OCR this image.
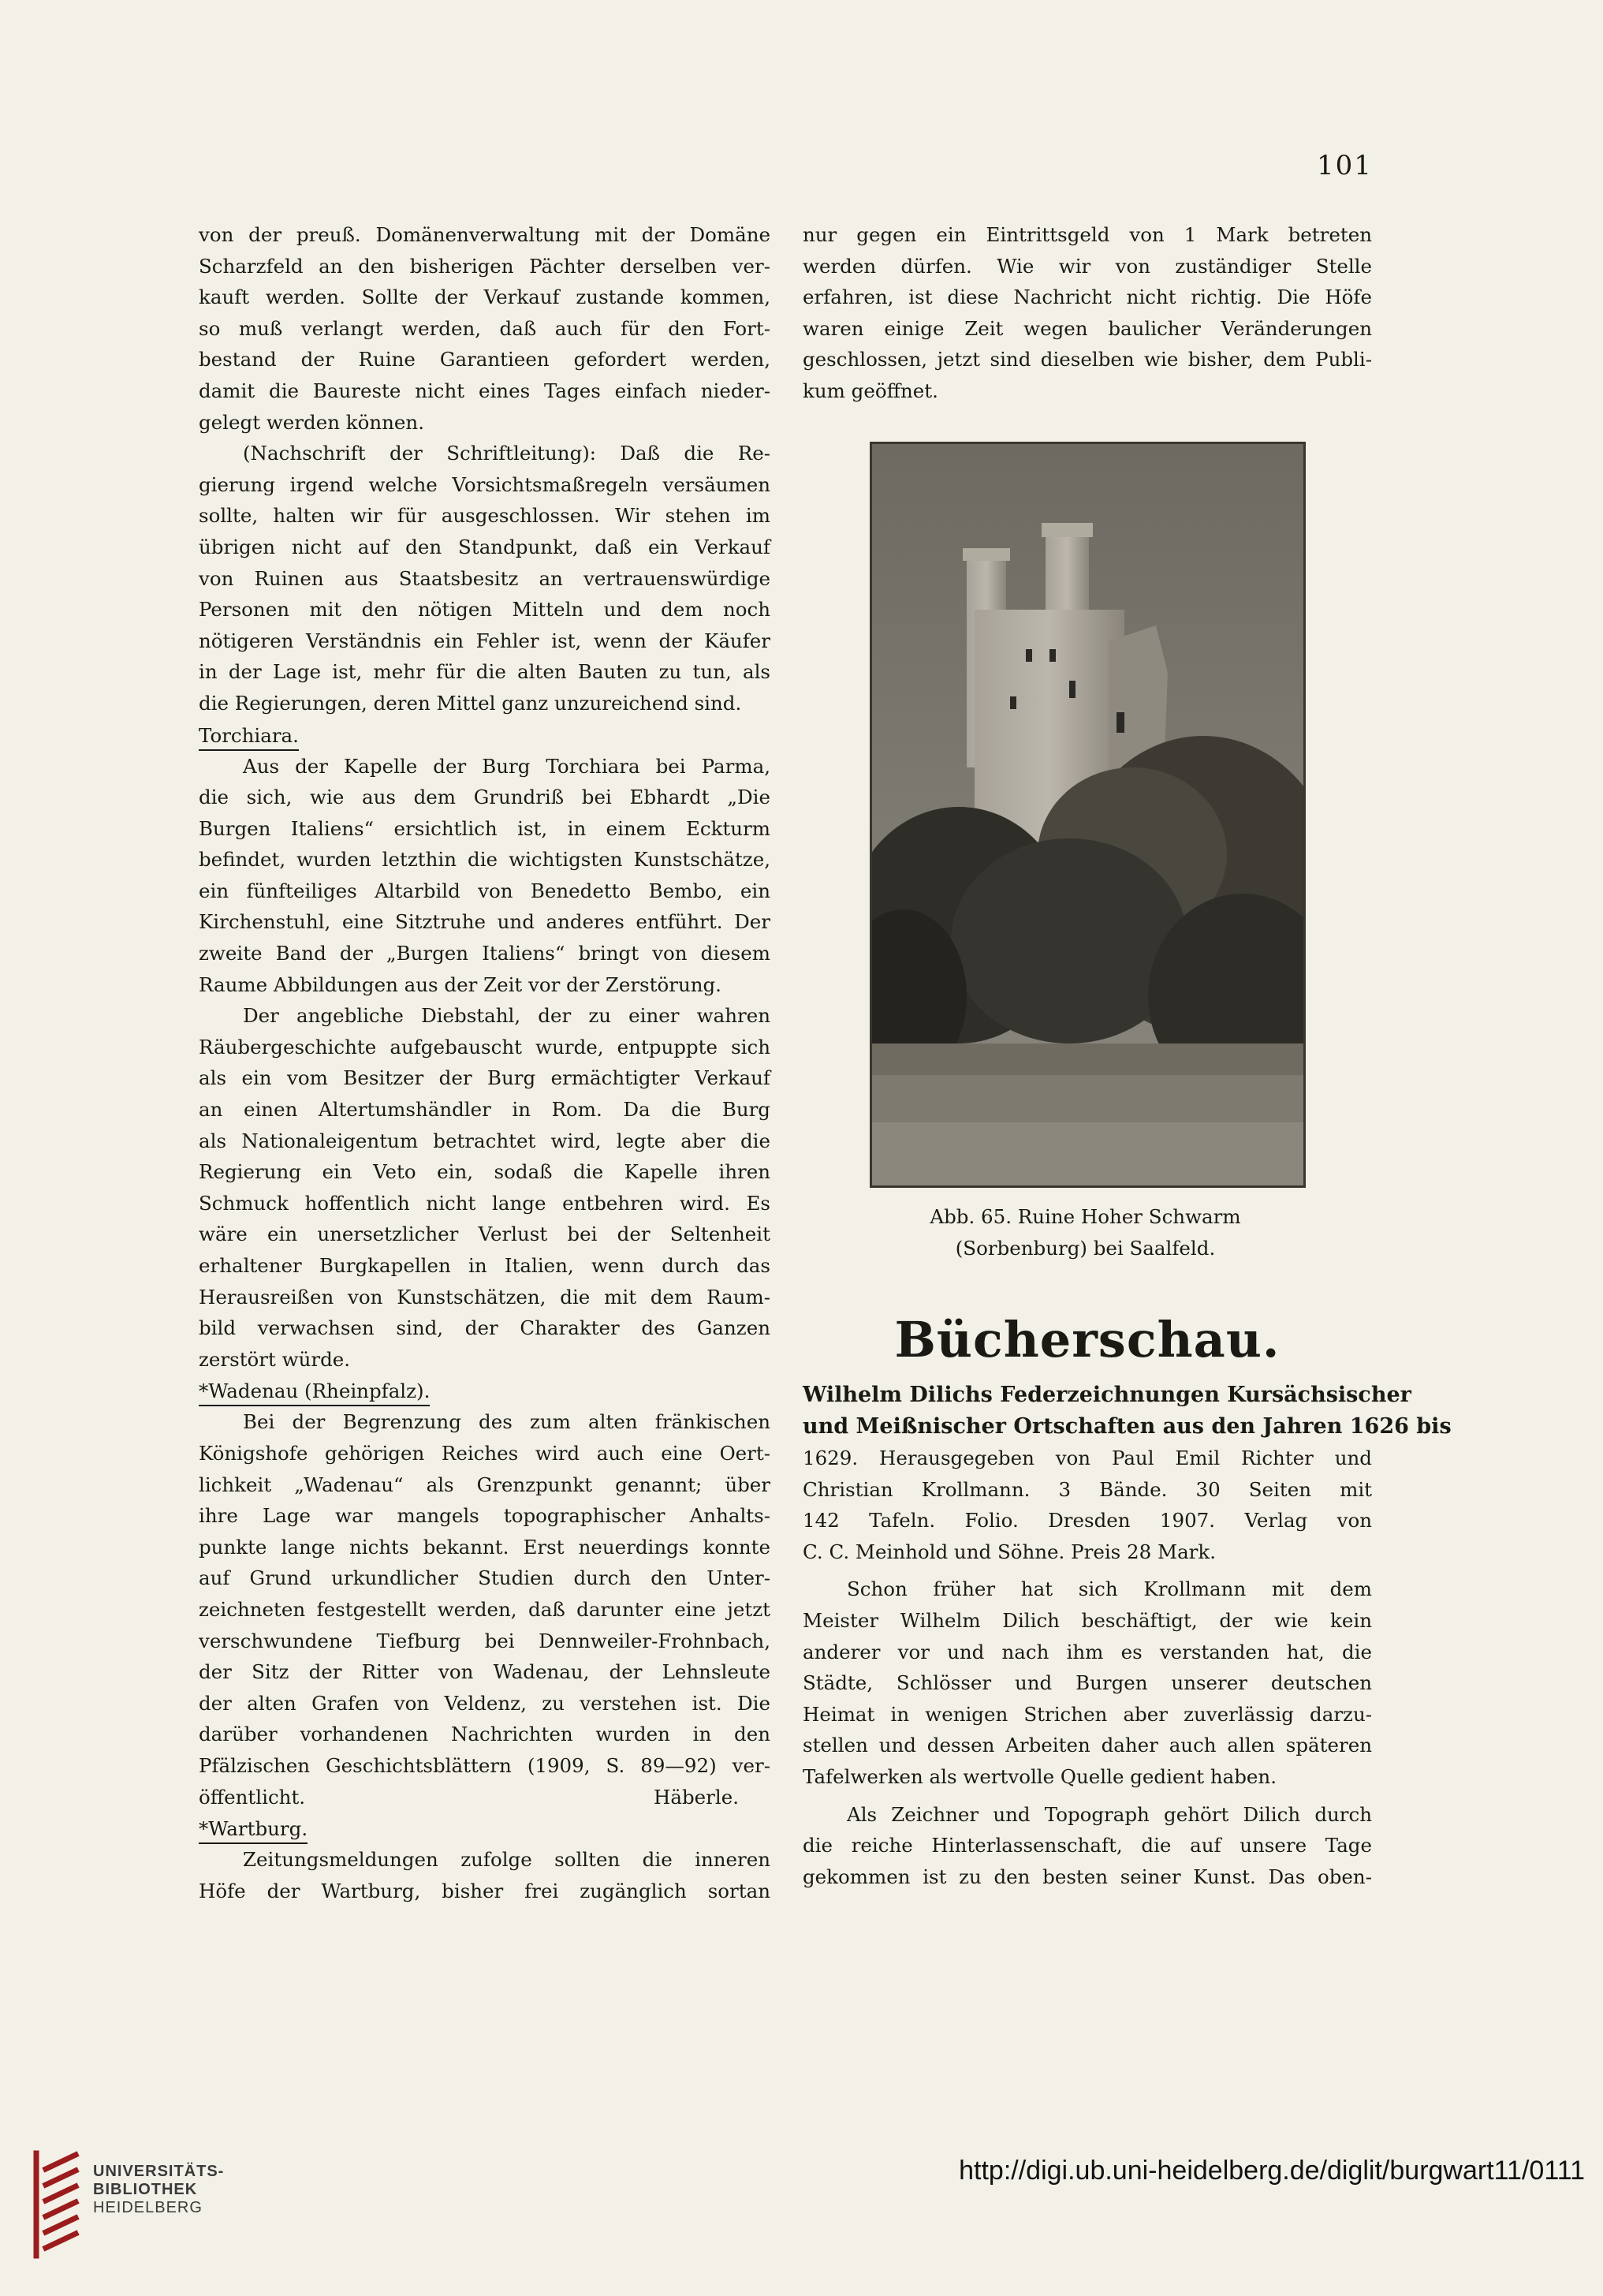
101

von der preuß. Domänenverwaltung mit der Domäne
Scharzfeld an den bisherigen Pächter derselben ver-
kauft werden. Sollte der Verkauf zustande kommen,
so muß verlangt werden, daß auch für den Fort-
bestand der Ruine Garantieen gefordert werden,
damit die Baureste nicht eines Tages einfach nieder-
gelegt werden können.

(Nachschrift der Schriftleitung): Daß die Re-
gierung irgend welche Vorsichtsmaßregeln versäumen
sollte, halten wir für ausgeschlossen. Wir stehen im
übrigen nicht auf den Standpunkt, daß ein Verkauf
von Ruinen aus Staatsbesitz an vertrauenswürdige
Personen mit den nötigen Mitteln und dem noch
nötigeren Verständnis ein Fehler ist, wenn der Käufer
in der Lage ist, mehr für die alten Bauten zu tun, als
die Regierungen, deren Mittel ganz unzureichend sind.

Torchiara.

Aus der Kapelle der Burg Torchiara bei Parma,
die sich, wie aus dem Grundriß bei Ebhardt „Die
Burgen Italiens“ ersichtlich ist, in einem Eckturm
befindet, wurden letzthin die wichtigsten Kunstschätze,
ein fünfteiliges Altarbild von Benedetto Bembo, ein
Kirchenstuhl, eine Sitztruhe und anderes entführt. Der
zweite Band der „Burgen Italiens“ bringt von diesem
Raume Abbildungen aus der Zeit vor der Zerstörung.

Der angebliche Diebstahl, der zu einer wahren
Räubergeschichte aufgebauscht wurde, entpuppte sich
als ein vom Besitzer der Burg ermächtigter Verkauf
an einen Altertumshändler in Rom. Da die Burg
als Nationaleigentum betrachtet wird, legte aber die
Regierung ein Veto ein, sodaß die Kapelle ihren
Schmuck hoffentlich nicht lange entbehren wird. Es
wäre ein unersetzlicher Verlust bei der Seltenheit
erhaltener Burgkapellen in Italien, wenn durch das
Herausreißen von Kunstschätzen, die mit dem Raum-
bild verwachsen sind, der Charakter des Ganzen
zerstört würde.

*Wadenau (Rheinpfalz).

Bei der Begrenzung des zum alten fränkischen
Königshofe gehörigen Reiches wird auch eine Oert-
lichkeit „Wadenau“ als Grenzpunkt genannt; über
ihre Lage war mangels topographischer Anhalts-
punkte lange nichts bekannt. Erst neuerdings konnte
auf Grund urkundlicher Studien durch den Unter-
zeichneten festgestellt werden, daß darunter eine jetzt
verschwundene Tiefburg bei Dennweiler-Frohnbach,
der Sitz der Ritter von Wadenau, der Lehnsleute
der alten Grafen von Veldenz, zu verstehen ist. Die
darüber vorhandenen Nachrichten wurden in den
Pfälzischen Geschichtsblättern (1909, S. 89—92) ver-
öffentlicht.	Häberle.

*Wartburg.

Zeitungsmeldungen zufolge sollten die inneren
Höfe der Wartburg, bisher frei zugänglich sortan

nur gegen ein Eintrittsgeld von 1 Mark betreten
werden dürfen. Wie wir von zuständiger Stelle
erfahren, ist diese Nachricht nicht richtig. Die Höfe
waren einige Zeit wegen baulicher Veränderungen
geschlossen, jetzt sind dieselben wie bisher, dem Publi-
kum geöffnet.

Abb. 65. Ruine Hoher Schwarm
(Sorbenburg) bei Saalfeld.
Bücherschau.
Wilhelm Dilichs Federzeichnungen Kursächsischer
und Meißnischer Ortschaften aus den Jahren 1626 bis

1629. Herausgegeben von Paul Emil Richter und
Christian Krollmann. 3 Bände. 30 Seiten mit
142 Tafeln. Folio. Dresden 1907. Verlag von
C. C. Meinhold und Söhne. Preis 28 Mark.

Schon früher hat sich Krollmann mit dem
Meister Wilhelm Dilich beschäftigt, der wie kein
anderer vor und nach ihm es verstanden hat, die
Städte, Schlösser und Burgen unserer deutschen
Heimat in wenigen Strichen aber zuverlässig darzu-
stellen und dessen Arbeiten daher auch allen späteren
Tafelwerken als wertvolle Quelle gedient haben.

Als Zeichner und Topograph gehört Dilich durch
die reiche Hinterlassenschaft, die auf unsere Tage
gekommen ist zu den besten seiner Kunst. Das oben-

UNIVERSITÄTS-
BIBLIOTHEK
HEIDELBERG
http://digi.ub.uni-heidelberg.de/diglit/burgwart11/0111
